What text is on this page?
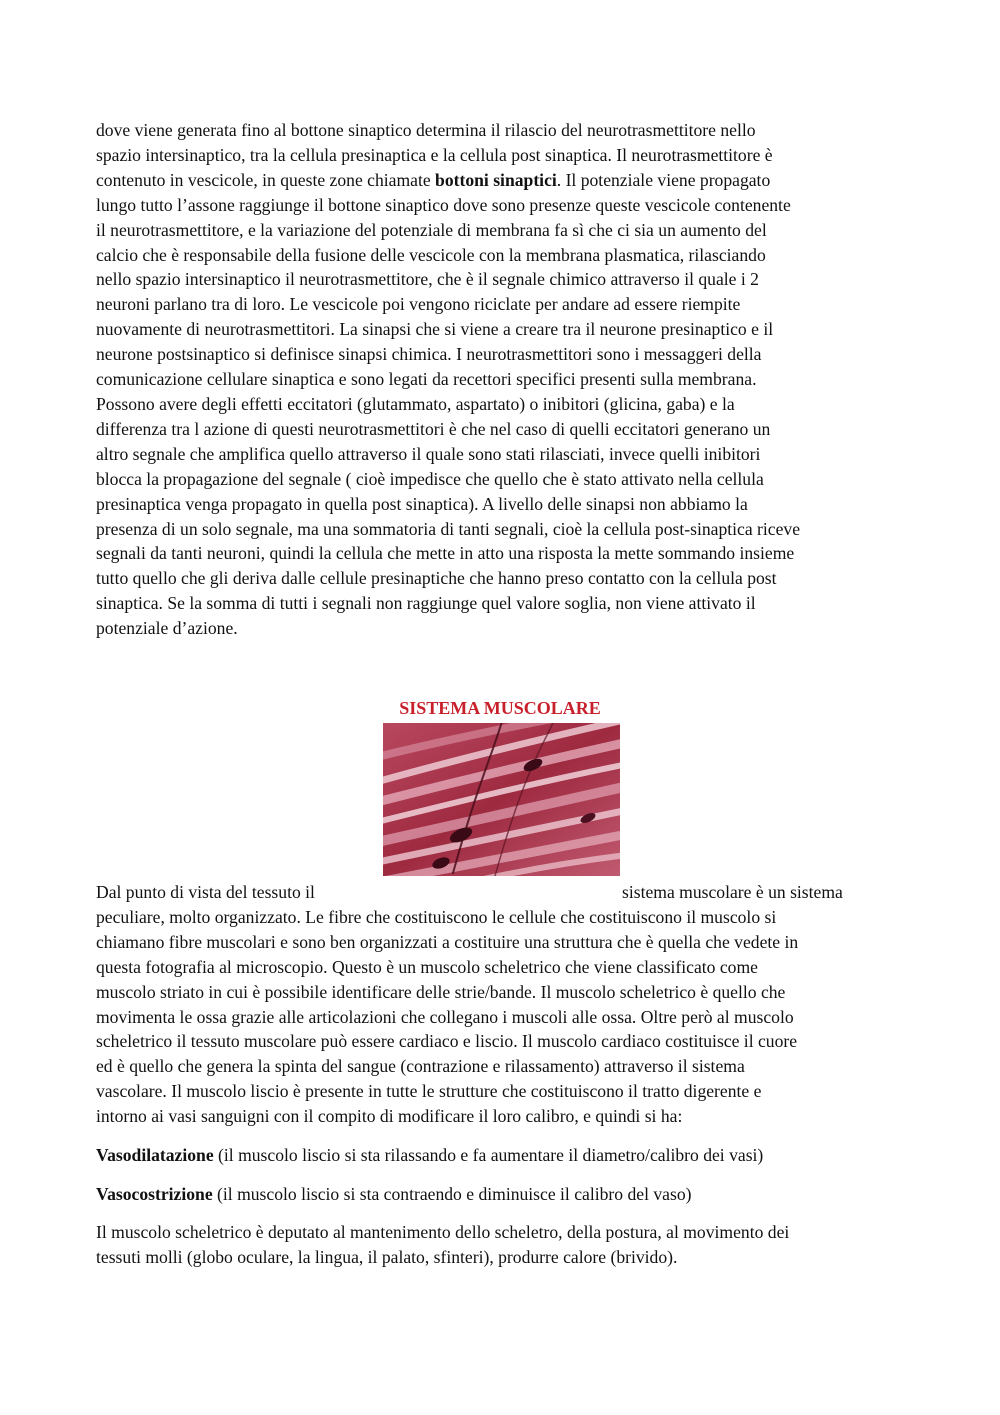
dove viene generata fino al bottone sinaptico determina il rilascio del neurotrasmettitore nello
spazio intersinaptico, tra la cellula presinaptica e la cellula post sinaptica. Il neurotrasmettitore è
contenuto in vescicole, in queste zone chiamate bottoni sinaptici. Il potenziale viene propagato
lungo tutto l’assone raggiunge il bottone sinaptico dove sono presenze queste vescicole contenente
il neurotrasmettitore, e la variazione del potenziale di membrana fa sì che ci sia un aumento del
calcio che è responsabile della fusione delle vescicole con la membrana plasmatica, rilasciando
nello spazio intersinaptico il neurotrasmettitore, che è il segnale chimico attraverso il quale i 2
neuroni parlano tra di loro. Le vescicole poi vengono riciclate per andare ad essere riempite
nuovamente di neurotrasmettitori. La sinapsi che si viene a creare tra il neurone presinaptico e il
neurone postsinaptico si definisce sinapsi chimica. I neurotrasmettitori sono i messaggeri della
comunicazione cellulare sinaptica e sono legati da recettori specifici presenti sulla membrana.
Possono avere degli effetti eccitatori (glutammato, aspartato) o inibitori (glicina, gaba) e la
differenza tra l azione di questi neurotrasmettitori è che nel caso di quelli eccitatori generano un
altro segnale che amplifica quello attraverso il quale sono stati rilasciati, invece quelli inibitori
blocca la propagazione del segnale ( cioè impedisce che quello che è stato attivato nella cellula
presinaptica venga propagato in quella post sinaptica). A livello delle sinapsi non abbiamo la
presenza di un solo segnale, ma una sommatoria di tanti segnali, cioè la cellula post-sinaptica riceve
segnali da tanti neuroni, quindi la cellula che mette in atto una risposta la mette sommando insieme
tutto quello che gli deriva dalle cellule presinaptiche che hanno preso contatto con la cellula post
sinaptica. Se la somma di tutti i segnali non raggiunge quel valore soglia, non viene attivato il
potenziale d’azione.

SISTEMA MUSCOLARE

Dal punto di vista del tessuto il	sistema muscolare è un sistema

peculiare, molto organizzato. Le fibre che costituiscono le cellule che costituiscono il muscolo si
chiamano fibre muscolari e sono ben organizzati a costituire una struttura che è quella che vedete in
questa fotografia al microscopio. Questo è un muscolo scheletrico che viene classificato come
muscolo striato in cui è possibile identificare delle strie/bande. Il muscolo scheletrico è quello che
movimenta le ossa grazie alle articolazioni che collegano i muscoli alle ossa. Oltre però al muscolo
scheletrico il tessuto muscolare può essere cardiaco e liscio. Il muscolo cardiaco costituisce il cuore
ed è quello che genera la spinta del sangue (contrazione e rilassamento) attraverso il sistema
vascolare. Il muscolo liscio è presente in tutte le strutture che costituiscono il tratto digerente e
intorno ai vasi sanguigni con il compito di modificare il loro calibro, e quindi si ha:

Vasodilatazione (il muscolo liscio si sta rilassando e fa aumentare il diametro/calibro dei vasi)

Vasocostrizione (il muscolo liscio si sta contraendo e diminuisce il calibro del vaso)

Il muscolo scheletrico è deputato al mantenimento dello scheletro, della postura, al movimento dei
tessuti molli (globo oculare, la lingua, il palato, sfinteri), produrre calore (brivido).
